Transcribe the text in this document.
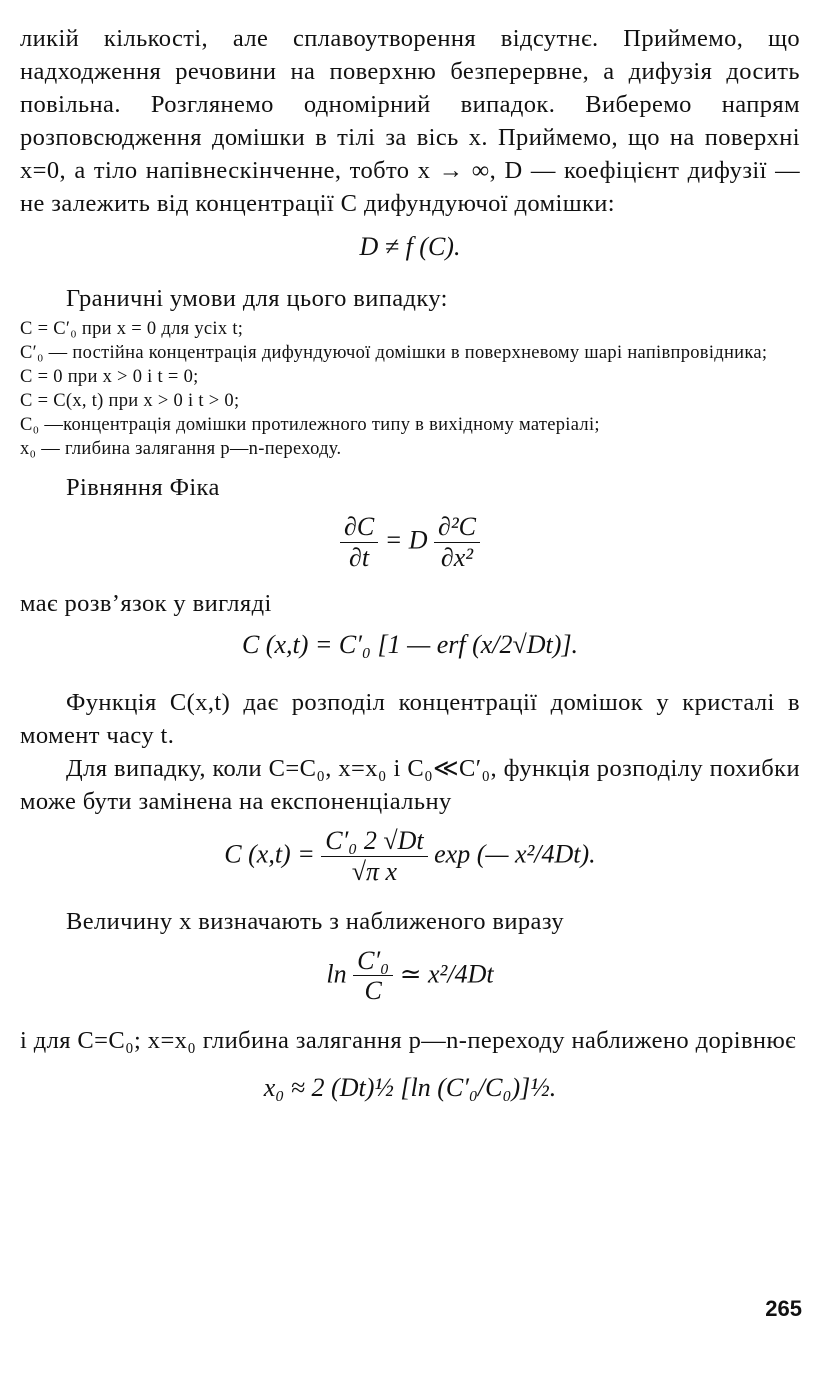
ликій кількості, але сплавоутворення відсутнє. Приймемо, що надходження речовини на поверхню безперервне, а дифузія досить повільна. Розглянемо одномірний випадок. Виберемо напрям розповсюдження домішки в тілі за вісь x. Приймемо, що на поверхні x=0, а тіло напівнескінченне, тобто x → ∞, D — коефіцієнт дифузії — не залежить від концентрації C дифундуючої домішки:

D ≠ f (C).

Граничні умови для цього випадку:

C = C′₀ при x = 0 для усіх t;

C′₀ — постійна концентрація дифундуючої домішки в поверхневому шарі напівпровідника;

C = 0 при x > 0 і t = 0;

C = C(x, t) при x > 0 і t > 0;

C₀ —концентрація домішки протилежного типу в вихідному матеріалі;

x₀ — глибина залягання p—n-переходу.

Рівняння Фіка

$\frac{\partial C}{\partial t} = D \frac{\text{∂²C}}{\text{∂x²}}$

має розв’язок у вигляді

C (x,t) = C′₀ [1 — erf (x/2√Dt)].

Функція C(x,t) дає розподіл концентрації домішок у кристалі в момент часу t.

Для випадку, коли C=C₀, x=x₀ і C₀≪C′₀, функція розподілу похибки може бути замінена на експоненціальну

C $(x,t) = \frac{\text{C′₀ 2 √Dt}}{\text{√π x}}$ exp (— x²/4Dt).

Величину x визначають з наближеного виразу

$\ln \frac{\text{C′₀}}{C}$ ≃ x²/4Dt

і для C=C₀; x=x₀ глибина залягання p—n-переходу наближено дорівнює

x₀ ≈ 2 (Dt)½ [ln (C′₀/C₀)]½.

265
